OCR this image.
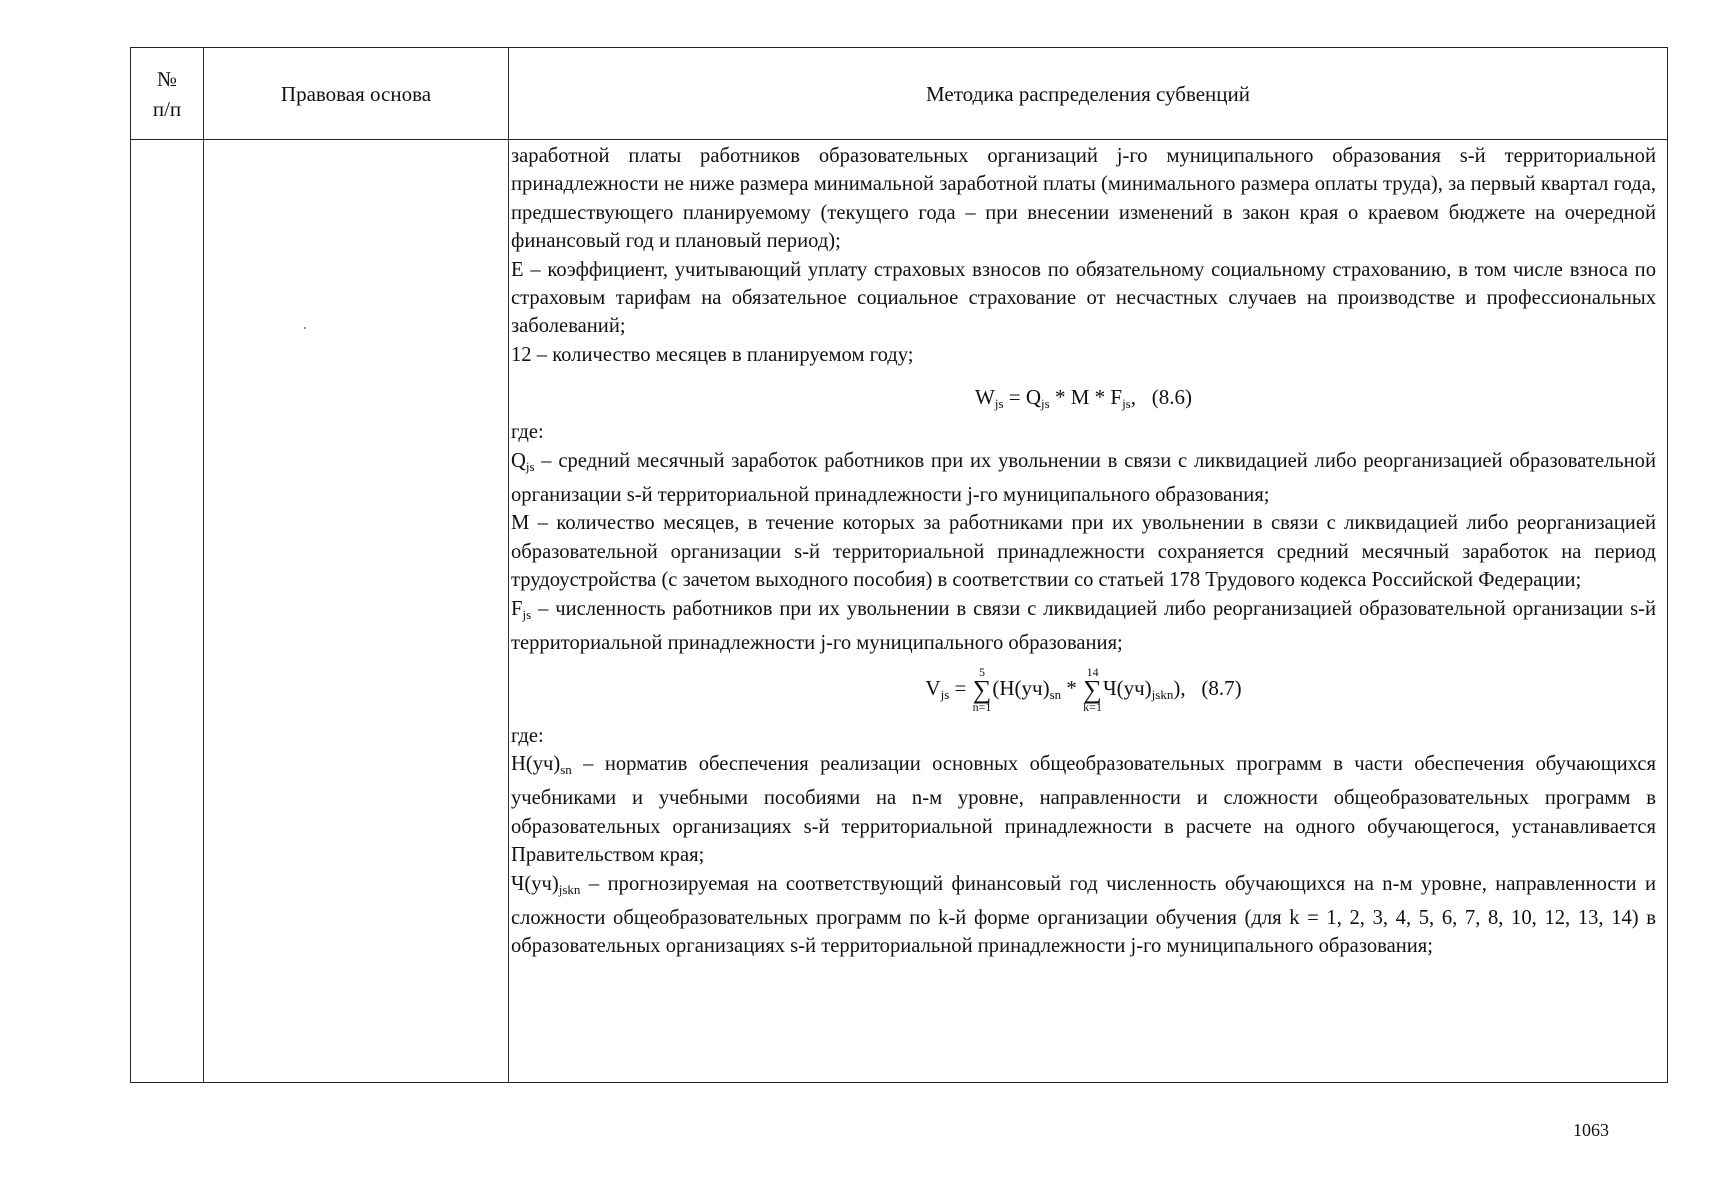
№
п/п
Правовая основа	Методика распределения субвенций

заработной платы работников образовательных организаций j-го муниципального образования s-й территориальной принадлежности не ниже размера минимальной заработной платы (минимального размера оплаты труда), за первый квартал года, предшествующего планируемому (текущего года – при внесении изменений в закон края о краевом бюджете на очередной финансовый год и плановый период);

E – коэффициент, учитывающий уплату страховых взносов по обязательному социальному страхованию, в том числе взноса по страховым тарифам на обязательное социальное страхование от несчастных случаев на производстве и профессиональных заболеваний;

12 – количество месяцев в планируемом году;

$W_{js} = Q_{js} * M * F_{js}$, (8.6)

где:

$Q_{js}$ – средний месячный заработок работников при их увольнении в связи с ликвидацией либо реорганизацией образовательной организации s-й территориальной принадлежности j-го муниципального образования;

M – количество месяцев, в течение которых за работниками при их увольнении в связи с ликвидацией либо реорганизацией образовательной организации s-й территориальной принадлежности сохраняется средний месячный заработок на период трудоустройства (с зачетом выходного пособия) в соответствии со статьей 178 Трудового кодекса Российской Федерации;

$F_{js}$ – численность работников при их увольнении в связи с ликвидацией либо реорганизацией образовательной организации s-й территориальной принадлежности j-го муниципального образования;

$V_{js}$ =
5
∑
n=1
($Н(уч)_{sn}$ *
14
∑
k=1
$Ч(уч)_{jskn}$), (8.7)

где:

$Н(уч)_{sn}$ – норматив обеспечения реализации основных общеобразовательных программ в части обеспечения обучающихся учебниками и учебными пособиями на n-м уровне, направленности и сложности общеобразовательных программ в образовательных организациях s-й территориальной принадлежности в расчете на одного обучающегося, устанавливается Правительством края;

$Ч(уч)_{jskn}$ – прогнозируемая на соответствующий финансовый год численность обучающихся на n-м уровне, направленности и сложности общеобразовательных программ по k-й форме организации обучения (для k = 1, 2, 3, 4, 5, 6, 7, 8, 10, 12, 13, 14) в образовательных организациях s-й территориальной принадлежности j-го муниципального образования;

1063
